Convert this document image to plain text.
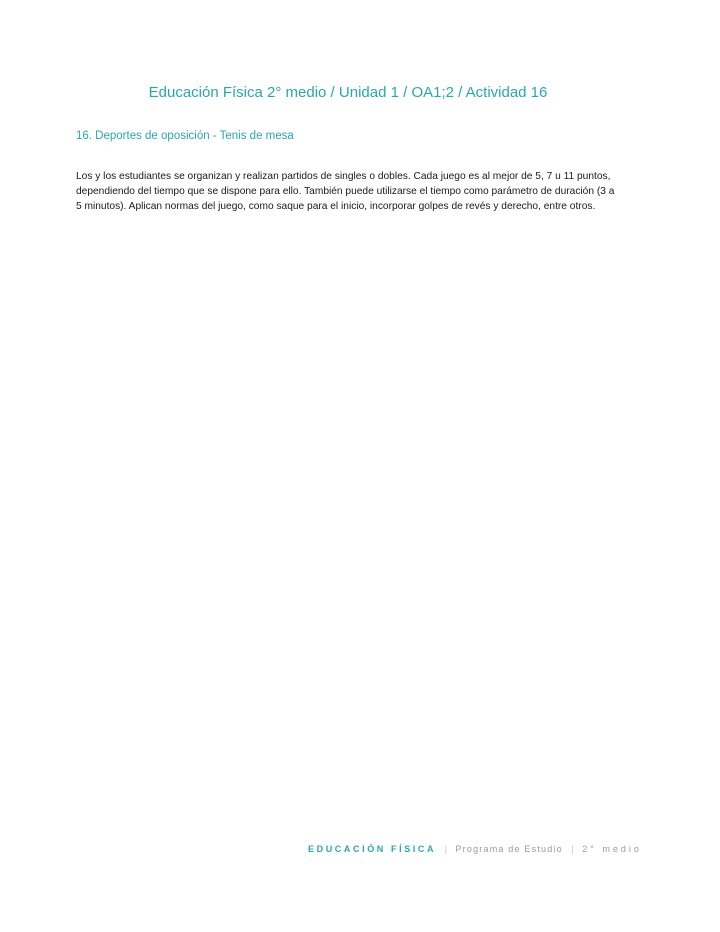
Educación Física 2° medio / Unidad 1 / OA1;2 / Actividad 16
16. Deportes de oposición - Tenis de mesa

Los y los estudiantes se organizan y realizan partidos de singles o dobles. Cada juego es al mejor de 5, 7 u 11 puntos, dependiendo del tiempo que se dispone para ello. También puede utilizarse el tiempo como parámetro de duración (3 a 5 minutos). Aplican normas del juego, como saque para el inicio, incorporar golpes de revés y derecho, entre otros.

EDUCACIÓN FÍSICA | Programa de Estudio | 2° medio
